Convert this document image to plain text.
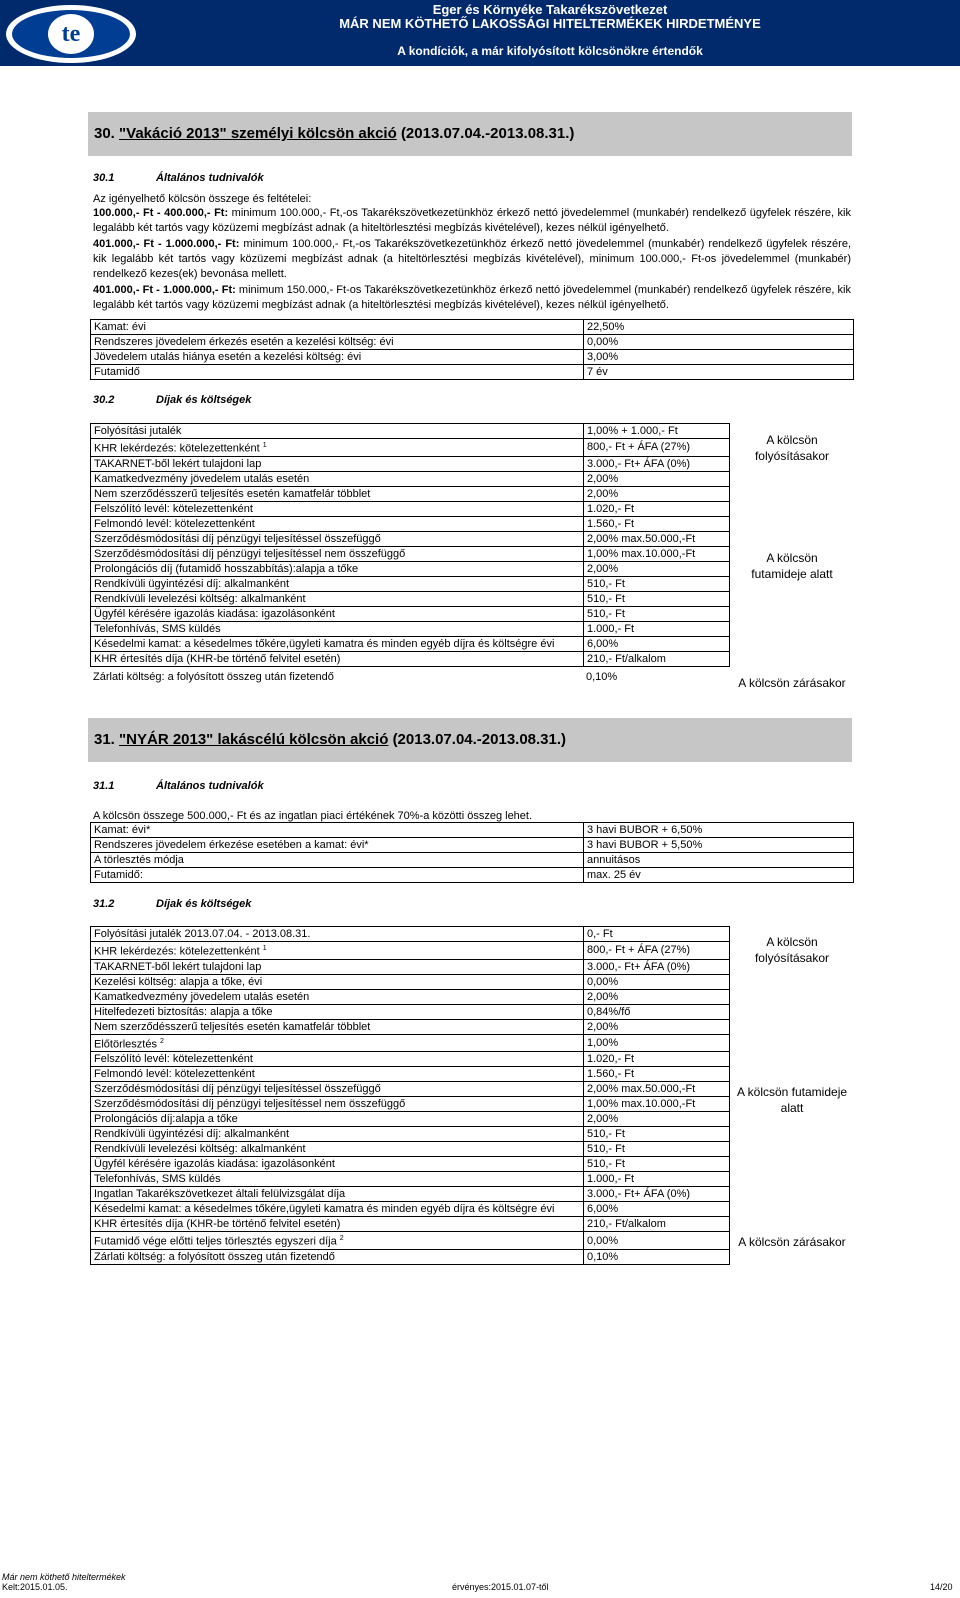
te
Eger és Környéke Takarékszövetkezet
MÁR NEM KÖTHETŐ LAKOSSÁGI HITELTERMÉKEK HIRDETMÉNYE
A kondíciók, a már kifolyósított kölcsönökre értendők
30. "Vakáció 2013" személyi kölcsön akció (2013.07.04.-2013.08.31.)
30.1	Általános tudnivalók
Az igényelhető kölcsön összege és feltételei:
100.000,- Ft - 400.000,- Ft: minimum 100.000,- Ft,-os Takarékszövetkezetünkhöz érkező nettó jövedelemmel (munkabér) rendelkező ügyfelek részére, kik legalább két tartós vagy közüzemi megbízást adnak (a hiteltörlesztési megbízás kivételével), kezes nélkül igényelhető.
401.000,- Ft - 1.000.000,- Ft: minimum 100.000,- Ft,-os Takarékszövetkezetünkhöz érkező nettó jövedelemmel (munkabér) rendelkező ügyfelek részére, kik legalább két tartós vagy közüzemi megbízást adnak (a hiteltörlesztési megbízás kivételével), minimum 100.000,- Ft-os jövedelemmel (munkabér) rendelkező kezes(ek) bevonása mellett.
401.000,- Ft - 1.000.000,- Ft: minimum 150.000,- Ft-os Takarékszövetkezetünkhöz érkező nettó jövedelemmel (munkabér) rendelkező ügyfelek részére, kik legalább két tartós vagy közüzemi megbízást adnak (a hiteltörlesztési megbízás kivételével), kezes nélkül igényelhető.
Kamat: évi	22,50%
Rendszeres jövedelem érkezés esetén a kezelési költség: évi	0,00%
Jövedelem utalás hiánya esetén a kezelési költség: évi	3,00%
Futamidő	7 év
30.2	Díjak és költségek
Folyósítási jutalék	1,00% + 1.000,- Ft
KHR lekérdezés: kötelezettenként $^1$	800,- Ft + ÁFA (27%)
TAKARNET-ből lekért tulajdoni lap	3.000,- Ft+ ÁFA (0%)
Kamatkedvezmény jövedelem utalás esetén	2,00%
Nem szerződésszerű teljesítés esetén kamatfelár többlet	2,00%
Felszólító levél: kötelezettenként	1.020,- Ft
Felmondó levél: kötelezettenként	1.560,- Ft
Szerződésmódosítási díj pénzügyi teljesítéssel összefüggő	2,00% max.50.000,-Ft
Szerződésmódosítási díj pénzügyi teljesítéssel nem összefüggő	1,00% max.10.000,-Ft
Prolongációs díj (futamidő hosszabbítás):alapja a tőke	2,00%
Rendkívüli ügyintézési díj: alkalmanként	510,- Ft
Rendkívüli levelezési költség: alkalmanként	510,- Ft
Ügyfél kérésére igazolás kiadása: igazolásonként	510,- Ft
Telefonhívás, SMS küldés	1.000,- Ft
Késedelmi kamat: a késedelmes tőkére,ügyleti kamatra és minden egyéb díjra és költségre évi	6,00%
KHR értesítés díja (KHR-be történő felvitel esetén)	210,- Ft/alkalom
Zárlati költség: a folyósított összeg után fizetendő	0,10%
A kölcsön
folyósításakor
A kölcsön
futamideje alatt
A kölcsön zárásakor
31. "NYÁR 2013" lakáscélú kölcsön akció (2013.07.04.-2013.08.31.)
31.1	Általános tudnivalók
A kölcsön összege 500.000,- Ft és az ingatlan piaci értékének 70%-a közötti összeg lehet.
Kamat: évi*	3 havi BUBOR + 6,50%
Rendszeres jövedelem érkezése esetében a kamat: évi*	3 havi BUBOR + 5,50%
A törlesztés módja	annuitásos
Futamidő:	max. 25 év
31.2	Díjak és költségek
Folyósítási jutalék 2013.07.04. - 2013.08.31.	0,- Ft
KHR lekérdezés: kötelezettenként $^1$	800,- Ft + ÁFA (27%)
TAKARNET-ből lekért tulajdoni lap	3.000,- Ft+ ÁFA (0%)
Kezelési költség: alapja a tőke, évi	0,00%
Kamatkedvezmény jövedelem utalás esetén	2,00%
Hitelfedezeti biztosítás: alapja a tőke	0,84%/fő
Nem szerződésszerű teljesítés esetén kamatfelár többlet	2,00%
Előtörlesztés $^2$	1,00%
Felszólító levél: kötelezettenként	1.020,- Ft
Felmondó levél: kötelezettenként	1.560,- Ft
Szerződésmódosítási díj pénzügyi teljesítéssel összefüggő	2,00% max.50.000,-Ft
Szerződésmódosítási díj pénzügyi teljesítéssel nem összefüggő	1,00% max.10.000,-Ft
Prolongációs díj:alapja a tőke	2,00%
Rendkívüli ügyintézési díj: alkalmanként	510,- Ft
Rendkívüli levelezési költség: alkalmanként	510,- Ft
Ügyfél kérésére igazolás kiadása: igazolásonként	510,- Ft
Telefonhívás, SMS küldés	1.000,- Ft
Ingatlan Takarékszövetkezet általi felülvizsgálat díja	3.000,- Ft+ ÁFA (0%)
Késedelmi kamat: a késedelmes tőkére,ügyleti kamatra és minden egyéb díjra és költségre évi	6,00%
KHR értesítés díja (KHR-be történő felvitel esetén)	210,- Ft/alkalom
Futamidő vége előtti teljes törlesztés egyszeri díja $^2$	0,00%
Zárlati költség: a folyósított összeg után fizetendő	0,10%
A kölcsön
folyósításakor
A kölcsön futamideje
alatt
A kölcsön zárásakor
Már nem köthető hiteltermékek
Kelt:2015.01.05.	érvényes:2015.01.07-től	14/20
